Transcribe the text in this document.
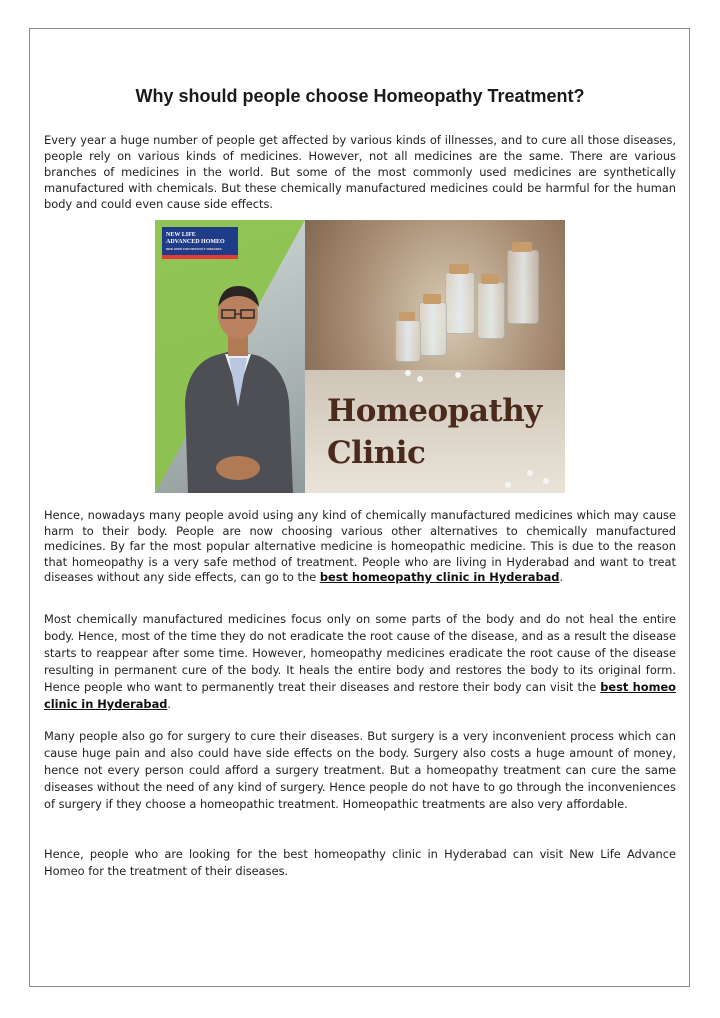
Why should people choose Homeopathy Treatment?

Every year a huge number of people get affected by various kinds of illnesses, and to cure all those diseases, people rely on various kinds of medicines. However, not all medicines are the same. There are various branches of medicines in the world. But some of the most commonly used medicines are synthetically manufactured with chemicals. But these chemically manufactured medicines could be harmful for the human body and could even cause side effects.

NEW LIFE
ADVANCED HOMEO
NEW HOPE FOR DIFFICULT DISEASES
Homeopathy
Clinic

Hence, nowadays many people avoid using any kind of chemically manufactured medicines which may cause harm to their body. People are now choosing various other alternatives to chemically manufactured medicines. By far the most popular alternative medicine is homeopathic medicine. This is due to the reason that homeopathy is a very safe method of treatment. People who are living in Hyderabad and want to treat diseases without any side effects, can go to the best homeopathy clinic in Hyderabad.

Most chemically manufactured medicines focus only on some parts of the body and do not heal the entire body. Hence, most of the time they do not eradicate the root cause of the disease, and as a result the disease starts to reappear after some time. However, homeopathy medicines eradicate the root cause of the disease resulting in permanent cure of the body. It heals the entire body and restores the body to its original form. Hence people who want to permanently treat their diseases and restore their body can visit the best homeo clinic in Hyderabad.

Many people also go for surgery to cure their diseases. But surgery is a very inconvenient process which can cause huge pain and also could have side effects on the body. Surgery also costs a huge amount of money, hence not every person could afford a surgery treatment. But a homeopathy treatment can cure the same diseases without the need of any kind of surgery. Hence people do not have to go through the inconveniences of surgery if they choose a homeopathic treatment. Homeopathic treatments are also very affordable.

Hence, people who are looking for the best homeopathy clinic in Hyderabad can visit New Life Advance Homeo for the treatment of their diseases.
